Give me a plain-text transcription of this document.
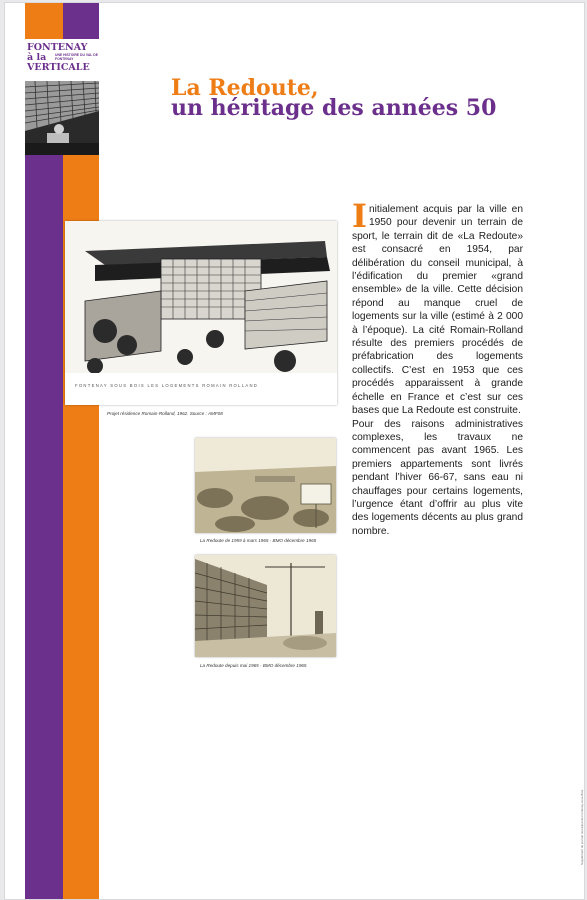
FONTENAY
à la

VERTICALE
UNE HISTOIRE DU VAL DE FONTENAY
La Redoute,
un héritage des années 50
FONTENAY SOUS BOIS LES LOGEMENTS ROMAIN ROLLAND
Projet résidence Romain-Rolland, 1962. Source : AMF08
La Redoute de 1959 à mars 1965 - BMO décembre 1965
La Redoute depuis mai 1965 - BMO décembre 1965
Initialement acquis par la ville en 1950 pour devenir un terrain de sport, le terrain dit de «La Redoute» est consacré en 1954, par délibération du conseil municipal, à l’édification du premier «grand ensemble» de la ville. Cette décision répond au manque cruel de logements sur la ville (estimé à 2 000 à l’époque). La cité Romain-Rolland résulte des premiers procédés de préfabrication des logements collectifs. C’est en 1953 que ces procédés apparaissent à grande échelle en France et c’est sur ces bases que La Redoute est construite.
Pour des raisons administratives complexes, les travaux ne commencent pas avant 1965. Les premiers appartements sont livrés pendant l’hiver 66-67, sans eau ni chauffages pour certains logements, l’urgence étant d’offrir au plus vite des logements décents au plus grand nombre.
Supplément du journal municipal de Fontenay-sous-Bois
